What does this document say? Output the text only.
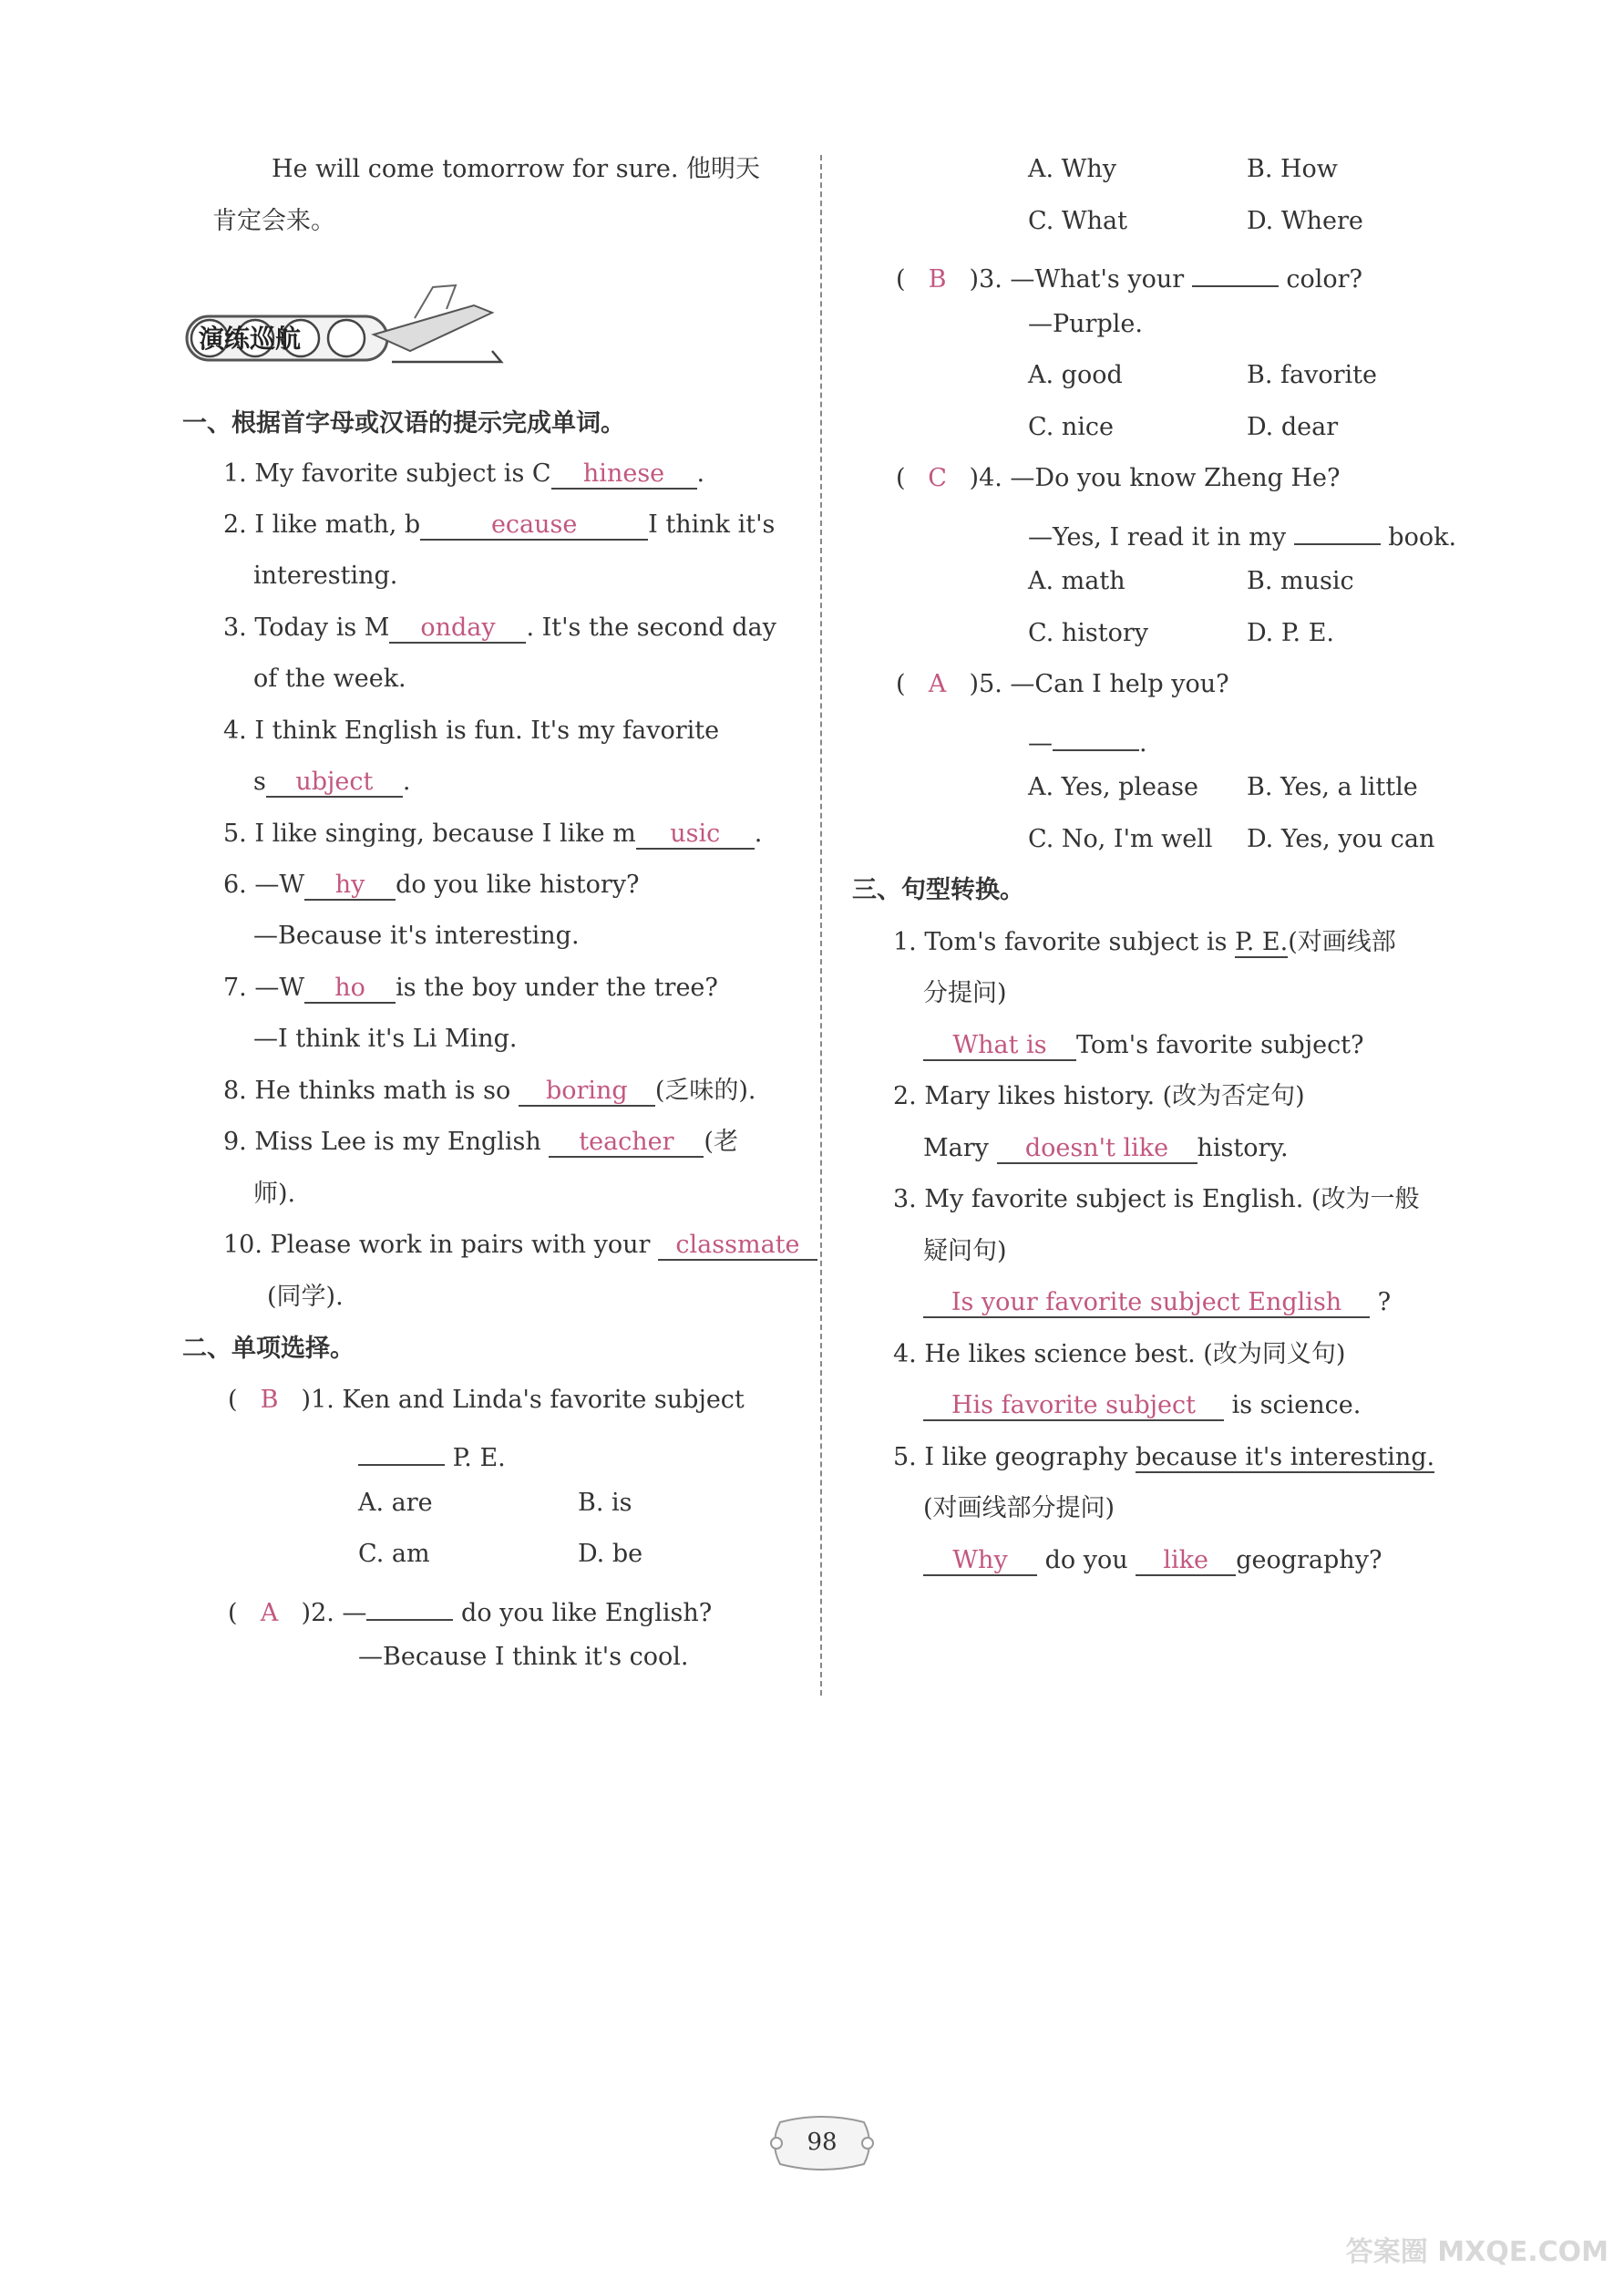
He will come tomorrow for sure. 他明天
肯定会来。
演练巡航
一、根据首字母或汉语的提示完成单词。
1. My favorite subject is C hinese .
2. I like math, b	ecause	I think it's
interesting.
3. Today is M onday . It's the second day
of the week.
4. I think English is fun. It's my favorite
s ubject .
5. I like singing, because I like m usic .
6. —W hy do you like history?
—Because it's interesting.
7. —W ho is the boy under the tree?
—I think it's Li Ming.
8. He thinks math is so boring (乏味的).
9. Miss Lee is my English teacher (老
师).
10. Please work in pairs with your classmate
(同学).
二、单项选择。
( B )1. Ken and Linda's favorite subject
P. E.
A. are	B. is
C. am	D. be
( A )2. —	do you like English?
—Because I think it's cool.
A. Why	B. How
C. What	D. Where
( B )3. —What's your	color?
—Purple.
A. good	B. favorite
C. nice	D. dear
( C )4. —Do you know Zheng He?
—Yes, I read it in my	book.
A. math	B. music
C. history	D. P. E.
( A )5. —Can I help you?
—	.
A. Yes, please B. Yes, a little
C. No, I'm well D. Yes, you can
三、句型转换。
1. Tom's favorite subject is P. E.(对画线部
分提问)
What is Tom's favorite subject?
2. Mary likes history. (改为否定句)
Mary doesn't like history.
3. My favorite subject is English. (改为一般
疑问句)
Is your favorite subject English ?
4. He likes science best. (改为同义句)
His favorite subject is science.
5. I like geography because it's interesting.
(对画线部分提问)
Why do you like geography?
98
答案圈 MXQE.COM
